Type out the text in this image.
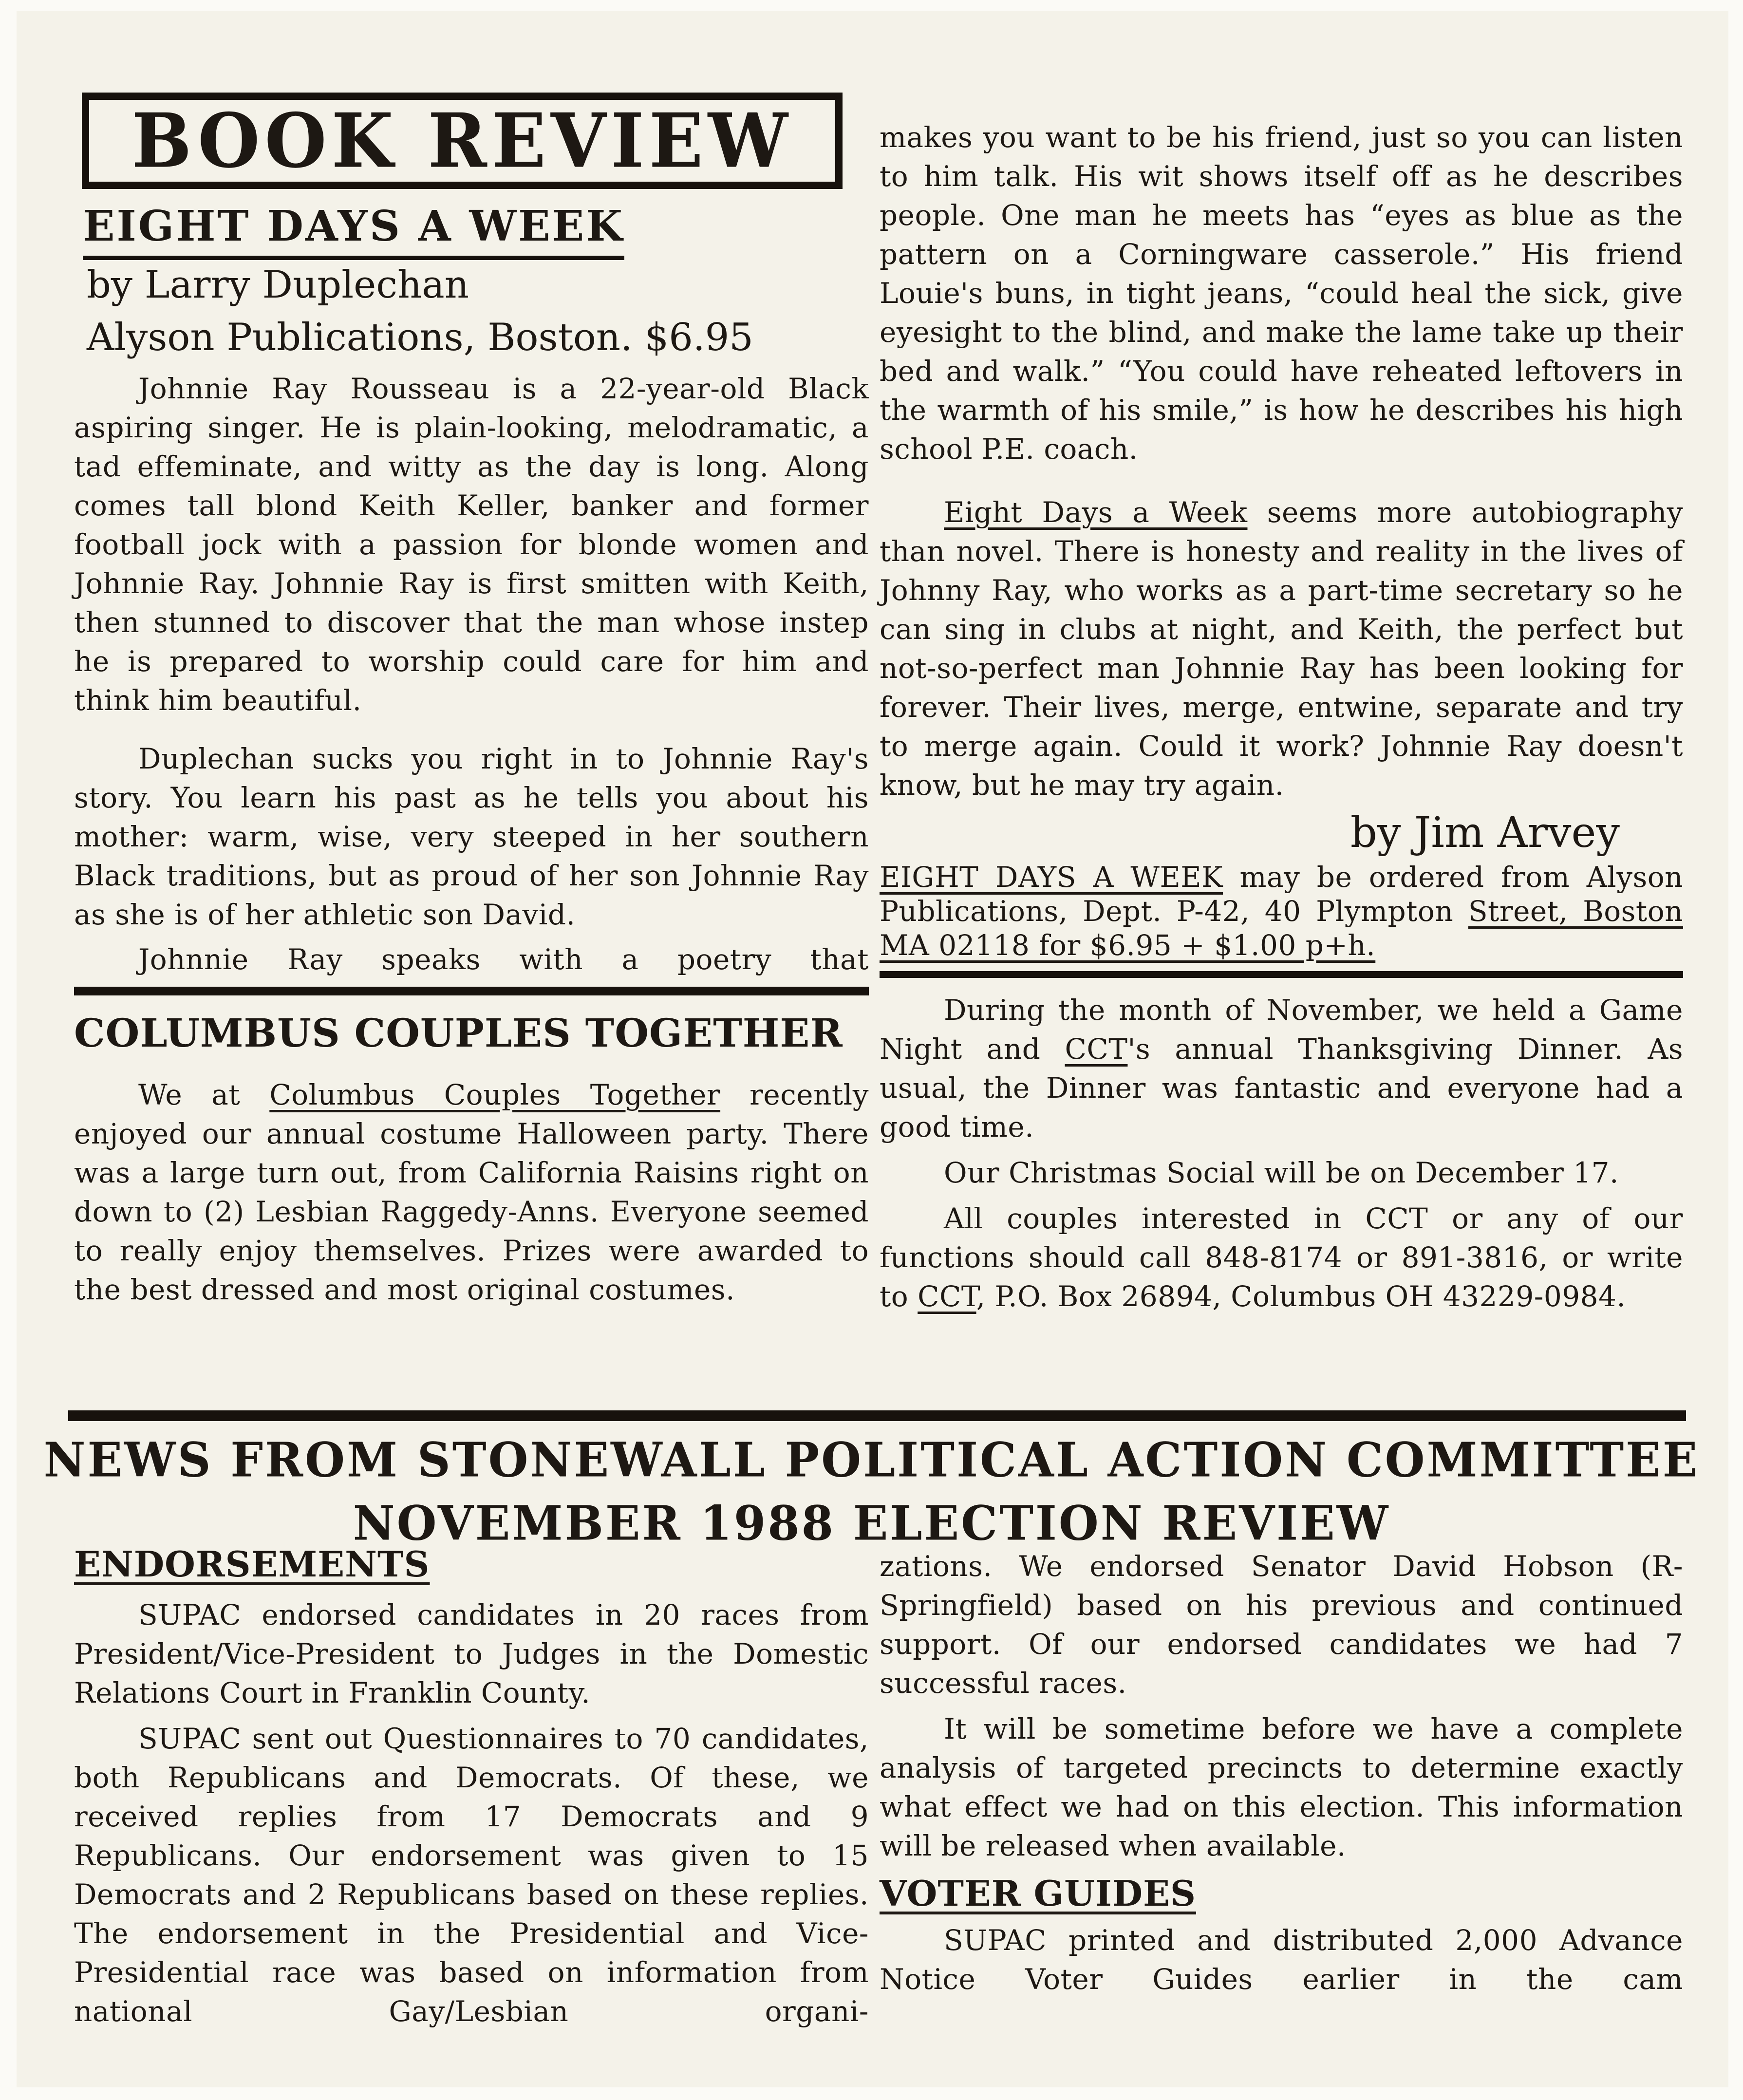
BOOK REVIEW
EIGHT DAYS A WEEK
by Larry Duplechan
Alyson Publications, Boston. $6.95

Johnnie Ray Rousseau is a 22-year-old Black aspiring singer. He is plain-looking, melodramatic, a tad effeminate, and witty as the day is long. Along comes tall blond Keith Keller, banker and former football jock with a passion for blonde women and Johnnie Ray. Johnnie Ray is first smitten with Keith, then stunned to discover that the man whose instep he is prepared to worship could care for him and think him beautiful.

Duplechan sucks you right in to Johnnie Ray's story. You learn his past as he tells you about his mother: warm, wise, very steeped in her southern Black traditions, but as proud of her son Johnnie Ray as she is of her athletic son David.

Johnnie Ray speaks with a poetry that

COLUMBUS COUPLES TOGETHER

We at Columbus Couples Together recently enjoyed our annual costume Halloween party. There was a large turn out, from California Raisins right on down to (2) Lesbian Raggedy-Anns. Everyone seemed to really enjoy themselves. Prizes were awarded to the best dressed and most original costumes.

makes you want to be his friend, just so you can listen to him talk. His wit shows itself off as he describes people. One man he meets has “eyes as blue as the pattern on a Corningware casserole.” His friend Louie's buns, in tight jeans, “could heal the sick, give eyesight to the blind, and make the lame take up their bed and walk.” “You could have reheated leftovers in the warmth of his smile,” is how he describes his high school P.E. coach.

Eight Days a Week seems more autobiography than novel. There is honesty and reality in the lives of Johnny Ray, who works as a part-time secretary so he can sing in clubs at night, and Keith, the perfect but not-so-perfect man Johnnie Ray has been looking for forever. Their lives, merge, entwine, separate and try to merge again. Could it work? Johnnie Ray doesn't know, but he may try again.

by Jim Arvey

EIGHT DAYS A WEEK may be ordered from Alyson Publications, Dept. P-42, 40 Plympton Street, Boston MA 02118 for $6.95 + $1.00 p+h.

During the month of November, we held a Game Night and CCT's annual Thanksgiving Dinner. As usual, the Dinner was fantastic and everyone had a good time.

Our Christmas Social will be on December 17.

All couples interested in CCT or any of our functions should call 848-8174 or 891-3816, or write to CCT, P.O. Box 26894, Columbus OH 43229-0984.

NEWS FROM STONEWALL POLITICAL ACTION COMMITTEE
NOVEMBER 1988 ELECTION REVIEW
ENDORSEMENTS

SUPAC endorsed candidates in 20 races from President/Vice-President to Judges in the Domestic Relations Court in Franklin County.

SUPAC sent out Questionnaires to 70 candidates, both Republicans and Democrats. Of these, we received replies from 17 Democrats and 9 Republicans. Our endorsement was given to 15 Democrats and 2 Republicans based on these replies. The endorsement in the Presidential and Vice-Presidential race was based on information from national Gay/Lesbian organi-

zations. We endorsed Senator David Hobson (R-Springfield) based on his previous and continued support. Of our endorsed candidates we had 7 successful races.

It will be sometime before we have a complete analysis of targeted precincts to determine exactly what effect we had on this election. This information will be released when available.

VOTER GUIDES

SUPAC printed and distributed 2,000 Advance Notice Voter Guides earlier in the cam
